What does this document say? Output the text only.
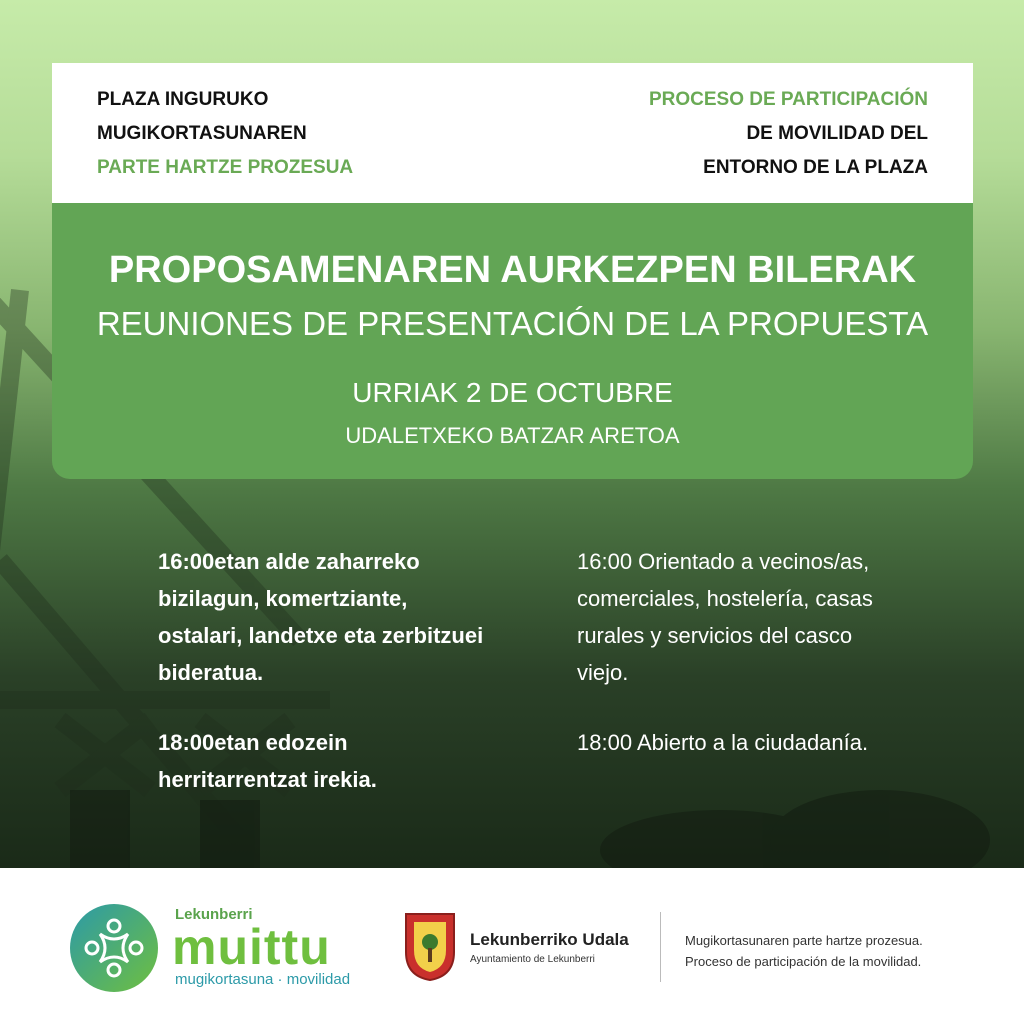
PLAZA INGURUKO
MUGIKORTASUNAREN
PARTE HARTZE PROZESUA
PROCESO DE PARTICIPACIÓN
DE MOVILIDAD DEL
ENTORNO DE LA PLAZA
PROPOSAMENAREN AURKEZPEN BILERAK
REUNIONES DE PRESENTACIÓN DE LA PROPUESTA
URRIAK 2 DE OCTUBRE
UDALETXEKO BATZAR ARETOA

16:00etan alde zaharreko bizilagun, komertziante, ostalari, landetxe eta zerbitzuei bideratua.

18:00etan edozein herritarrentzat irekia.

16:00 Orientado a vecinos/as, comerciales, hostelería, casas rurales y servicios del casco viejo.

18:00 Abierto a la ciudadanía.

Lekunberri
muittu
mugikortasuna · movilidad
Lekunberriko Udala
Ayuntamiento de Lekunberri
Mugikortasunaren parte hartze prozesua.
Proceso de participación de la movilidad.
